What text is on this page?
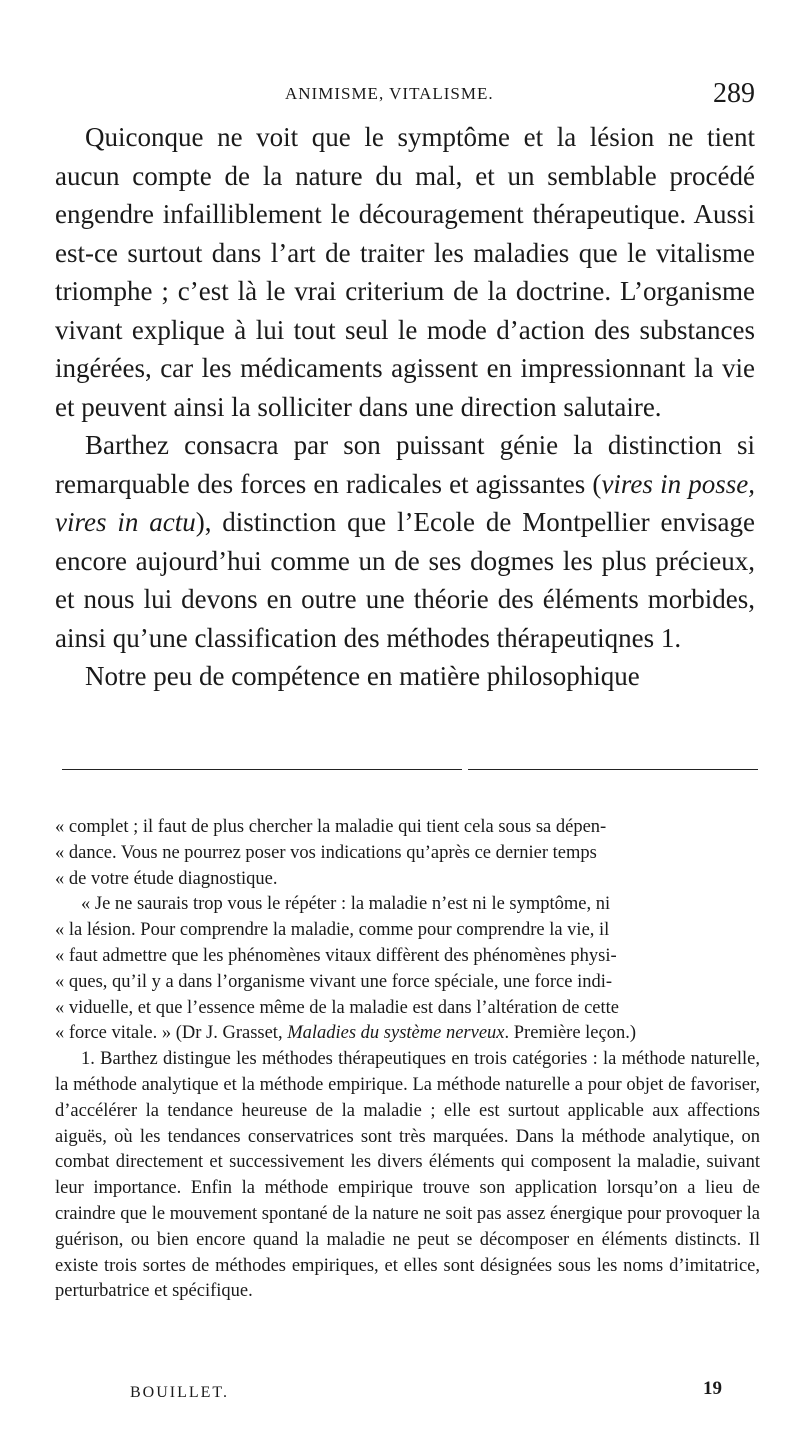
ANIMISME, VITALISME.	289

Quiconque ne voit que le symptôme et la lésion ne tient aucun compte de la nature du mal, et un semblable procédé engendre infailliblement le découragement thérapeutique. Aussi est-ce surtout dans l’art de traiter les maladies que le vitalisme triomphe ; c’est là le vrai criterium de la doctrine. L’organisme vivant explique à lui tout seul le mode d’action des substances ingérées, car les médicaments agissent en impressionnant la vie et peuvent ainsi la solliciter dans une direction salutaire.

Barthez consacra par son puissant génie la distinction si remarquable des forces en radicales et agissantes (vires in posse, vires in actu), distinction que l’Ecole de Montpellier envisage encore aujourd’hui comme un de ses dogmes les plus précieux, et nous lui devons en outre une théorie des éléments morbides, ainsi qu’une classification des méthodes thérapeutiqnes 1.

Notre peu de compétence en matière philosophique

« complet ; il faut de plus chercher la maladie qui tient cela sous sa dépen-
« dance. Vous ne pourrez poser vos indications qu’après ce dernier temps
« de votre étude diagnostique.

« Je ne saurais trop vous le répéter : la maladie n’est ni le symptôme, ni
« la lésion. Pour comprendre la maladie, comme pour comprendre la vie, il
« faut admettre que les phénomènes vitaux diffèrent des phénomènes physi-
« ques, qu’il y a dans l’organisme vivant une force spéciale, une force indi-
« viduelle, et que l’essence même de la maladie est dans l’altération de cette
« force vitale. » (Dr J. Grasset, Maladies du système nerveux. Première leçon.)

1. Barthez distingue les méthodes thérapeutiques en trois catégories : la méthode naturelle, la méthode analytique et la méthode empirique. La méthode naturelle a pour objet de favoriser, d’accélérer la tendance heureuse de la maladie ; elle est surtout applicable aux affections aiguës, où les tendances conservatrices sont très marquées. Dans la méthode analytique, on combat directement et successivement les divers éléments qui composent la maladie, suivant leur importance. Enfin la méthode empirique trouve son application lorsqu’on a lieu de craindre que le mouvement spontané de la nature ne soit pas assez énergique pour provoquer la guérison, ou bien encore quand la maladie ne peut se décomposer en éléments distincts. Il existe trois sortes de méthodes empiriques, et elles sont désignées sous les noms d’imitatrice, perturbatrice et spécifique.

BOUILLET.	19
